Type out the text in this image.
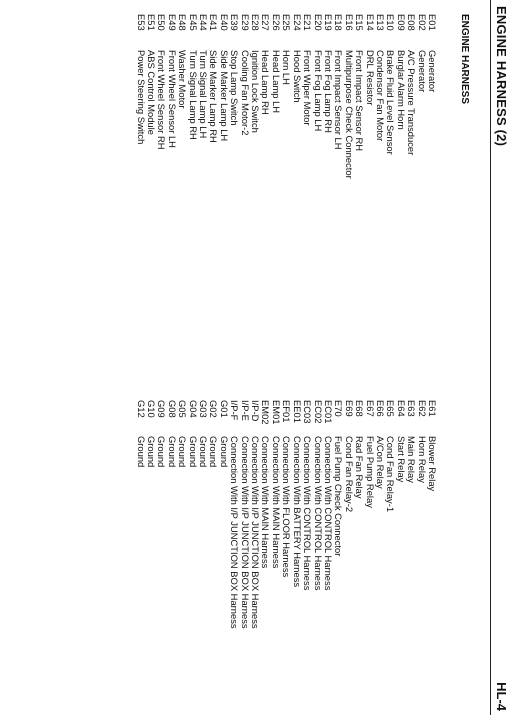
ENGINE HARNESS (2)
HL-4
ENGINE HARNESS
E01
Generator
E02
Generator
E08
A/C Pressure Transducer
E09
Burglar Alarm Horn
E10
Brake Fluid Level Sensor
E13
Condensor Fan Motor
E14
DRL Resistor
E15
Front Impact Sensor RH
E16
Multipurpose Check Connector
E18
Front Impact Sensor LH
E19
Front Fog Lamp RH
E20
Front Fog Lamp LH
E21
Front Wiper Motor
E24
Hood Switch
E25
Horn LH
E26
Head Lamp LH
E27
Head Lamp RH
E28
Ignition Lock Switch
E29
Cooling Fan Motor-2
E39
Stop Lamp Switch
E40
Side Marker Lamp LH
E41
Side Marker Lamp RH
E44
Turn Signal Lamp LH
E45
Turn Signal Lamp RH
E48
Washer Motor
E49
Front Wheel Sensor LH
E50
Front Wheel Sensor RH
E51
ABS Control Module
E53
Power Steering Switch
E61
Blower Relay
E62
Horn Relay
E63
Main Relay
E64
Start Relay
E65
Cond Fan Relay-1
E66
A/Con Relay
E67
Fuel Pump Relay
E68
Rad Fan Relay
E69
Cond Fan Relay-2
E70
Fuel Pump Check Connector
EC01
Connection With CONTROL Harness
EC02
Connection With CONTROL Harness
EC03
Connection With CONTROL Harness
EE01
Connection With BATTERY Harness
EF01
Connection With FLOOR Harness
EM01
Connection With MAIN Harness
EM02
Connection With MAIN Harness
I/P-D
Connection With I/P JUNCTION BOX Harness
I/P-E
Connection With I/P JUNCTION BOX Harness
I/P-F
Connection With I/P JUNCTION BOX Harness
G01
Ground
G02
Ground
G03
Ground
G04
Ground
G05
Ground
G08
Ground
G09
Ground
G10
Ground
G12
Ground
